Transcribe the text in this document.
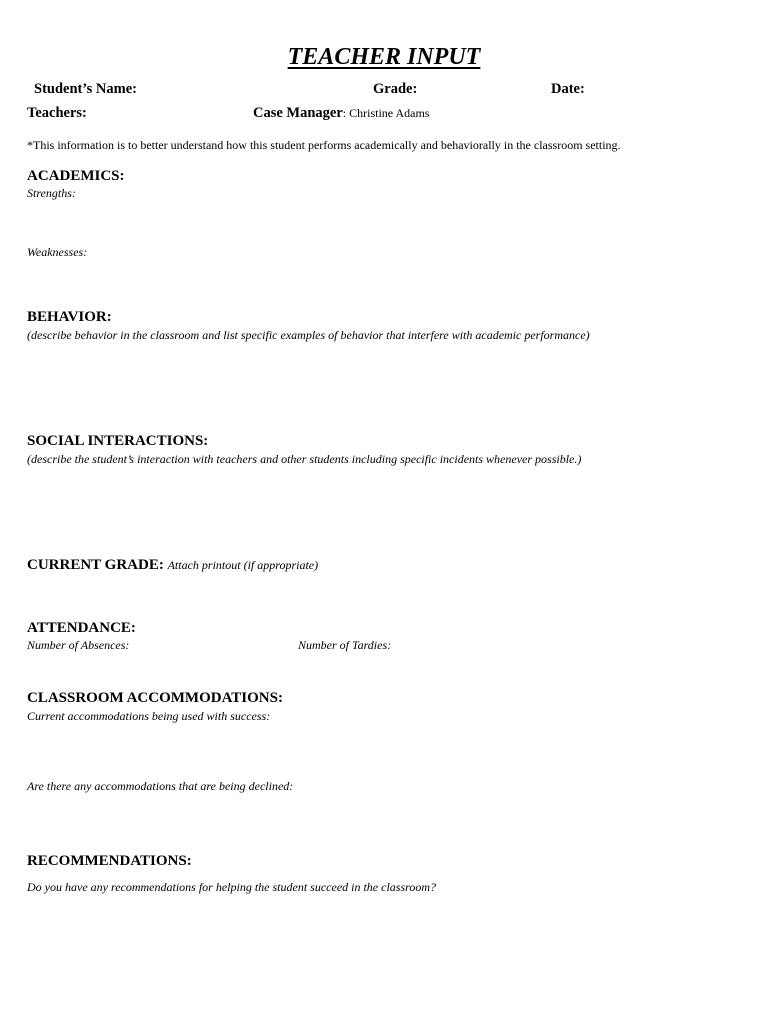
TEACHER INPUT
Student’s Name:	Grade:	Date:
Teachers:	Case Manager: Christine Adams
*This information is to better understand how this student performs academically and behaviorally in the classroom setting.
ACADEMICS:
Strengths:
Weaknesses:
BEHAVIOR:
(describe behavior in the classroom and list specific examples of behavior that interfere with academic performance)
SOCIAL INTERACTIONS:
(describe the student’s interaction with teachers and other students including specific incidents whenever possible.)
CURRENT GRADE: Attach printout (if appropriate)
ATTENDANCE:
Number of Absences:	Number of Tardies:
CLASSROOM ACCOMMODATIONS:
Current accommodations being used with success:
Are there any accommodations that are being declined:
RECOMMENDATIONS:
Do you have any recommendations for helping the student succeed in the classroom?
